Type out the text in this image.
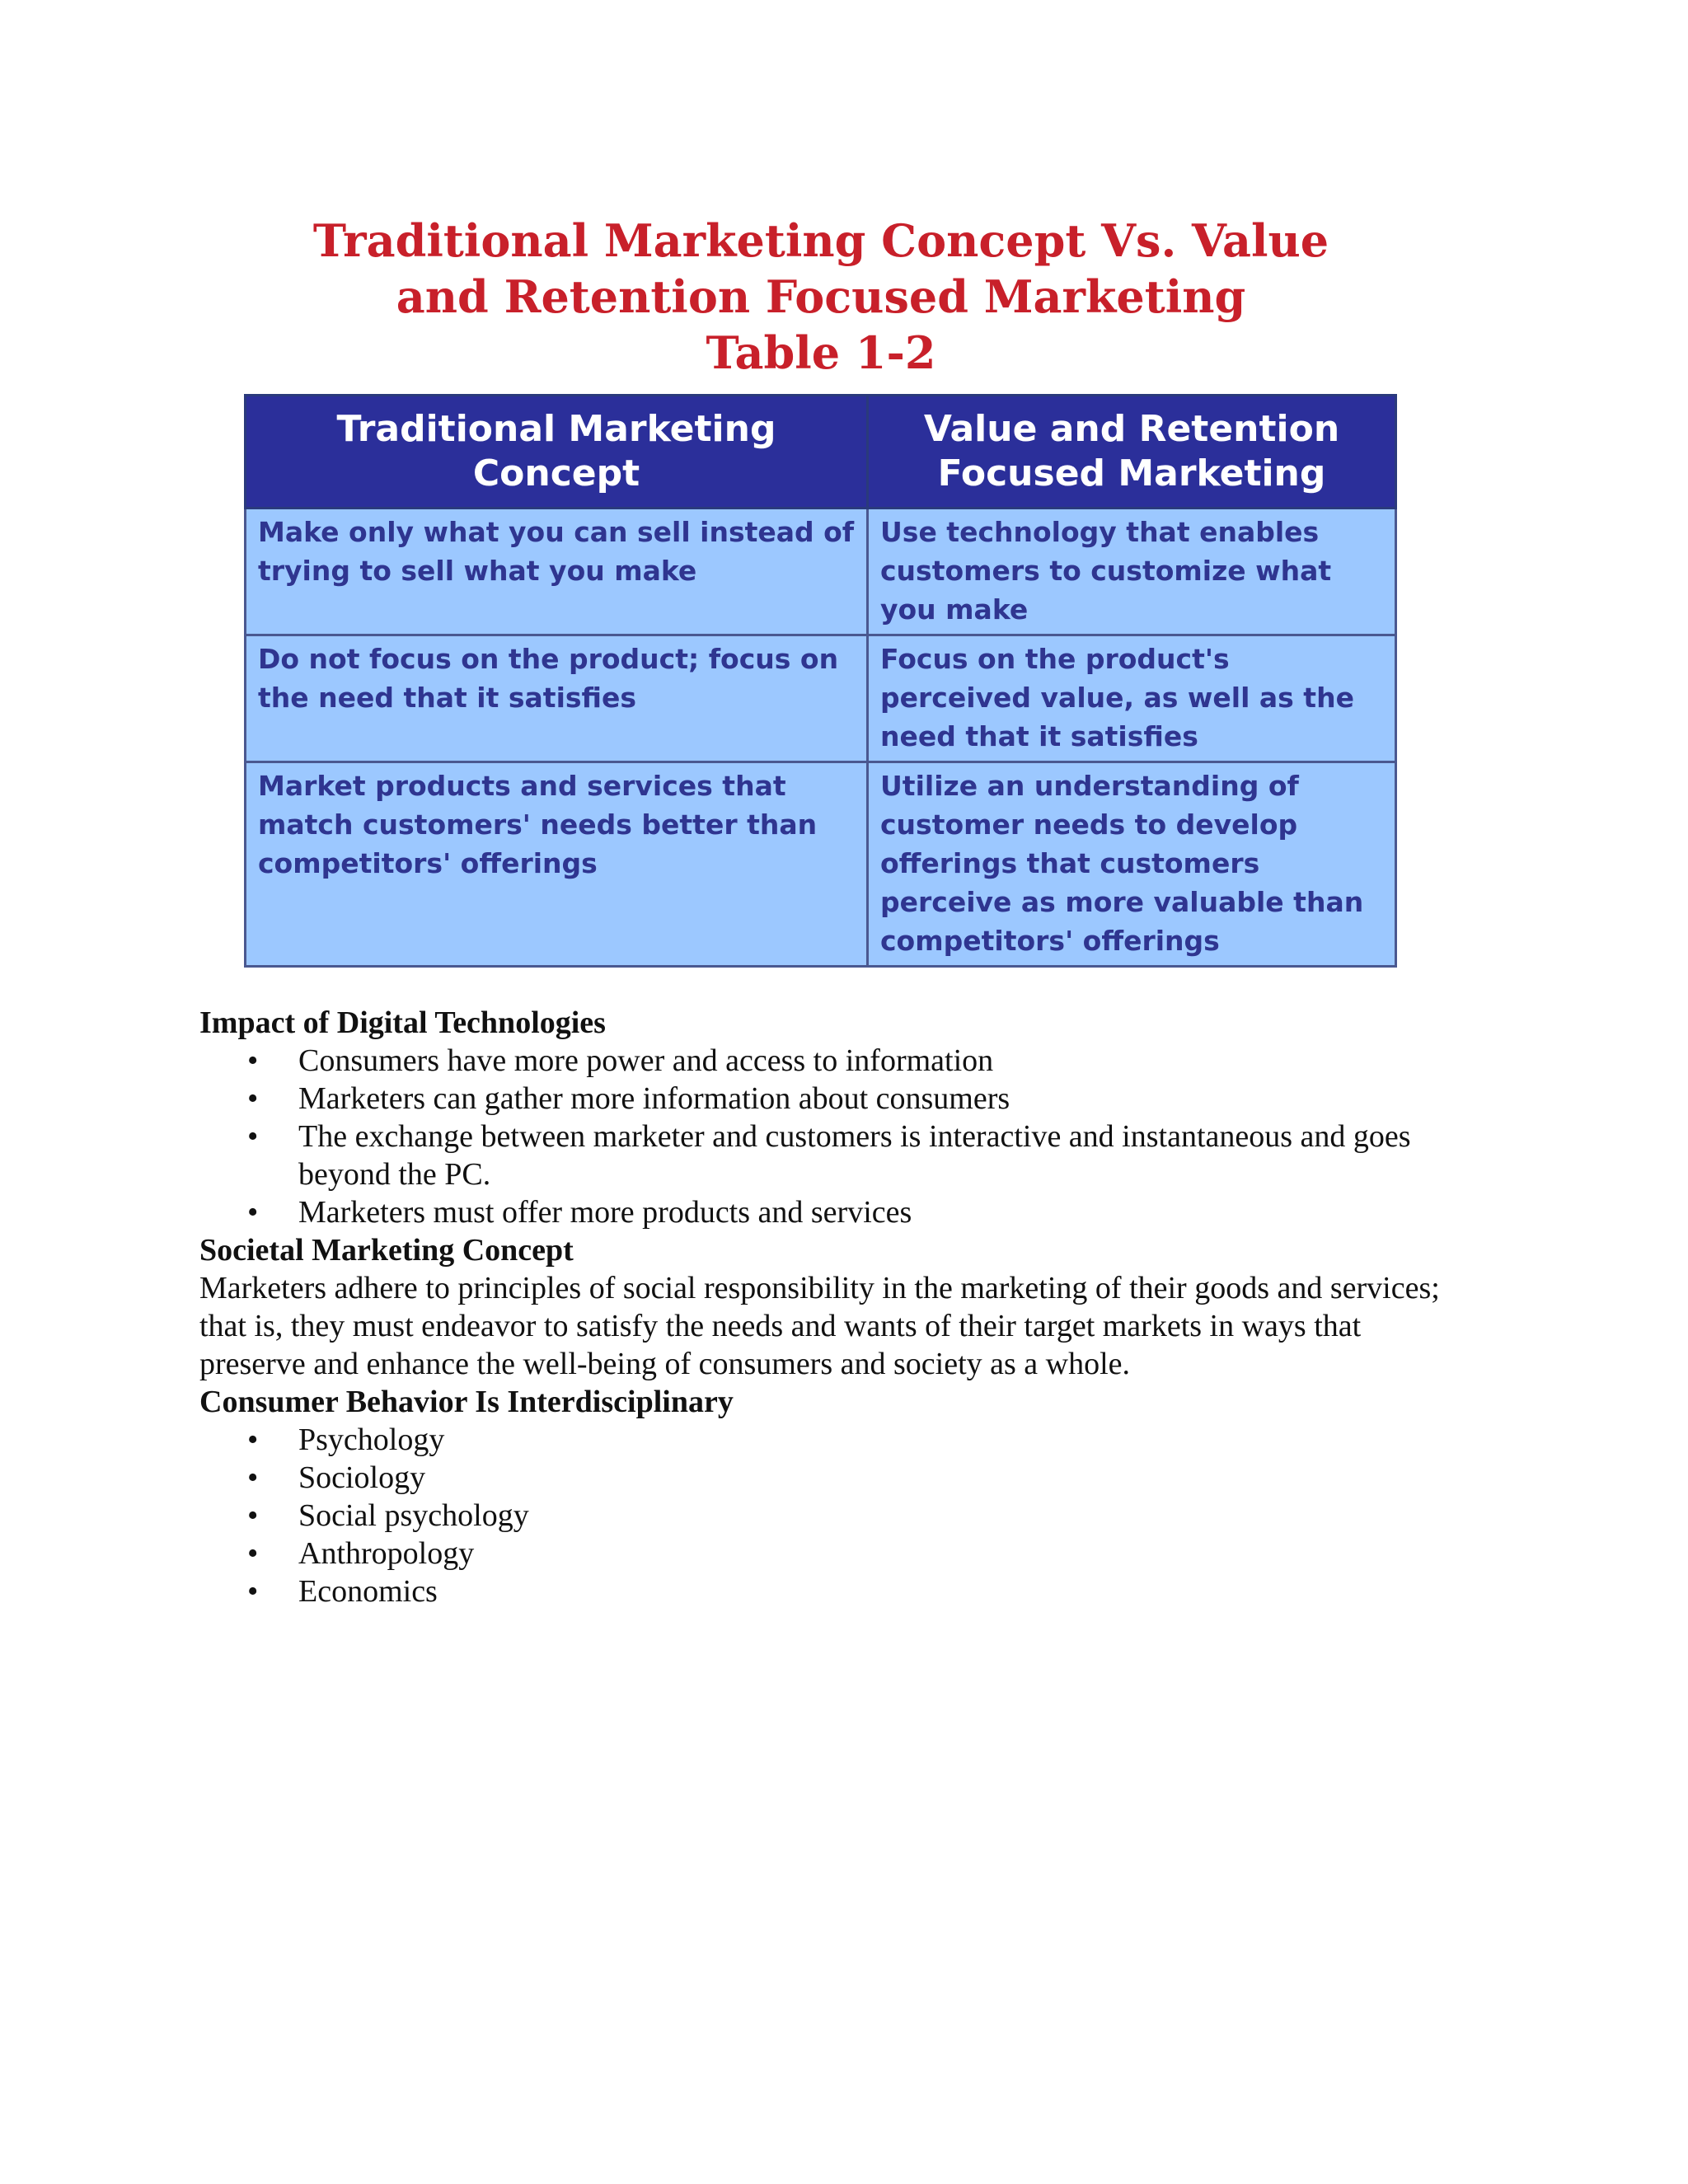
Traditional Marketing Concept Vs. Value
and Retention Focused Marketing
Table 1-2
Traditional Marketing Concept	Value and Retention Focused Marketing
Make only what you can sell instead of trying to sell what you make	Use technology that enables customers to customize what you make
Do not focus on the product; focus on the need that it satisfies	Focus on the product's perceived value, as well as the need that it satisfies
Market products and services that match customers' needs better than competitors' offerings	Utilize an understanding of customer needs to develop offerings that customers perceive as more valuable than competitors' offerings

Impact of Digital Technologies

• Consumers have more power and access to information
• Marketers can gather more information about consumers
• The exchange between marketer and customers is interactive and instantaneous and goes beyond the PC.
• Marketers must offer more products and services

Societal Marketing Concept

Marketers adhere to principles of social responsibility in the marketing of their goods and services; that is, they must endeavor to satisfy the needs and wants of their target markets in ways that preserve and enhance the well-being of consumers and society as a whole.

Consumer Behavior Is Interdisciplinary

• Psychology
• Sociology
• Social psychology
• Anthropology
• Economics
